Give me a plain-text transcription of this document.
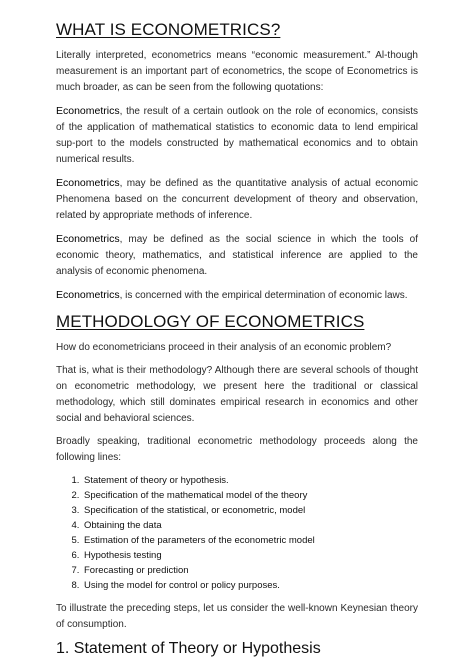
WHAT IS ECONOMETRICS?

Literally interpreted, econometrics means “economic measurement.” Al-though measurement is an important part of econometrics, the scope of Econometrics is much broader, as can be seen from the following quotations:

Econometrics, the result of a certain outlook on the role of economics, consists of the application of mathematical statistics to economic data to lend empirical sup-port to the models constructed by mathematical economics and to obtain numerical results.

Econometrics, may be defined as the quantitative analysis of actual economic Phenomena based on the concurrent development of theory and observation, related by appropriate methods of inference.

Econometrics, may be defined as the social science in which the tools of economic theory, mathematics, and statistical inference are applied to the analysis of economic phenomena.

Econometrics, is concerned with the empirical determination of economic laws.

METHODOLOGY OF ECONOMETRICS

How do econometricians proceed in their analysis of an economic problem?

That is, what is their methodology? Although there are several schools of thought on econometric methodology, we present here the traditional or classical methodology, which still dominates empirical research in economics and other social and behavioral sciences.

Broadly speaking, traditional econometric methodology proceeds along the following lines:

1. Statement of theory or hypothesis.
2. Specification of the mathematical model of the theory
3. Specification of the statistical, or econometric, model
4. Obtaining the data
5. Estimation of the parameters of the econometric model
6. Hypothesis testing
7. Forecasting or prediction
8. Using the model for control or policy purposes.

To illustrate the preceding steps, let us consider the well-known Keynesian theory of consumption.

1. Statement of Theory or Hypothesis
